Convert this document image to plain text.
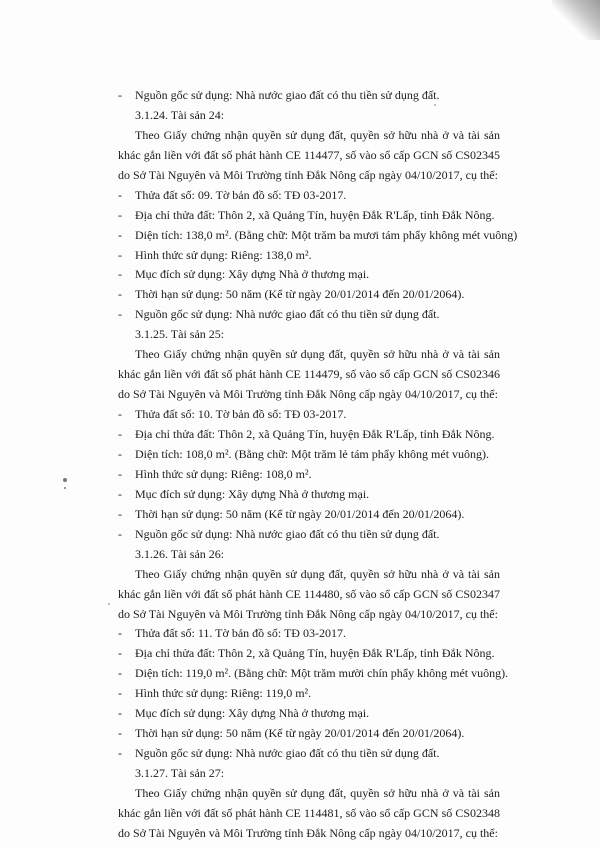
- Nguồn gốc sử dụng: Nhà nước giao đất có thu tiền sử dụng đất.
3.1.24. Tài sản 24:
Theo Giấy chứng nhận quyền sử dụng đất, quyền sở hữu nhà ở và tài sản khác gắn liền với đất số phát hành CE 114477, số vào sổ cấp GCN số CS02345 do Sở Tài Nguyên và Môi Trường tỉnh Đắk Nông cấp ngày 04/10/2017, cụ thể:
- Thửa đất số: 09. Tờ bản đồ số: TĐ 03-2017.
- Địa chỉ thửa đất: Thôn 2, xã Quảng Tín, huyện Đắk R'Lấp, tỉnh Đắk Nông.
- Diện tích: 138,0 m². (Bằng chữ: Một trăm ba mươi tám phẩy không mét vuông)
- Hình thức sử dụng: Riêng: 138,0 m².
- Mục đích sử dụng: Xây dựng Nhà ở thương mại.
- Thời hạn sử dụng: 50 năm (Kể từ ngày 20/01/2014 đến 20/01/2064).
- Nguồn gốc sử dụng: Nhà nước giao đất có thu tiền sử dụng đất.
3.1.25. Tài sản 25:
Theo Giấy chứng nhận quyền sử dụng đất, quyền sở hữu nhà ở và tài sản khác gắn liền với đất số phát hành CE 114479, số vào sổ cấp GCN số CS02346 do Sở Tài Nguyên và Môi Trường tỉnh Đắk Nông cấp ngày 04/10/2017, cụ thể:
- Thửa đất số: 10. Tờ bản đồ số: TĐ 03-2017.
- Địa chỉ thửa đất: Thôn 2, xã Quảng Tín, huyện Đắk R'Lấp, tỉnh Đắk Nông.
- Diện tích: 108,0 m². (Bằng chữ: Một trăm lẻ tám phẩy không mét vuông).
- Hình thức sử dụng: Riêng: 108,0 m².
- Mục đích sử dụng: Xây dựng Nhà ở thương mại.
- Thời hạn sử dụng: 50 năm (Kể từ ngày 20/01/2014 đến 20/01/2064).
- Nguồn gốc sử dụng: Nhà nước giao đất có thu tiền sử dụng đất.
3.1.26. Tài sản 26:
Theo Giấy chứng nhận quyền sử dụng đất, quyền sở hữu nhà ở và tài sản khác gắn liền với đất số phát hành CE 114480, số vào sổ cấp GCN số CS02347 do Sở Tài Nguyên và Môi Trường tỉnh Đắk Nông cấp ngày 04/10/2017, cụ thể:
- Thửa đất số: 11. Tờ bản đồ số: TĐ 03-2017.
- Địa chỉ thửa đất: Thôn 2, xã Quảng Tín, huyện Đắk R'Lấp, tỉnh Đắk Nông.
- Diện tích: 119,0 m². (Bằng chữ: Một trăm mười chín phẩy không mét vuông).
- Hình thức sử dụng: Riêng: 119,0 m².
- Mục đích sử dụng: Xây dựng Nhà ở thương mại.
- Thời hạn sử dụng: 50 năm (Kể từ ngày 20/01/2014 đến 20/01/2064).
- Nguồn gốc sử dụng: Nhà nước giao đất có thu tiền sử dụng đất.
3.1.27. Tài sản 27:
Theo Giấy chứng nhận quyền sử dụng đất, quyền sở hữu nhà ở và tài sản khác gắn liền với đất số phát hành CE 114481, số vào sổ cấp GCN số CS02348 do Sở Tài Nguyên và Môi Trường tỉnh Đắk Nông cấp ngày 04/10/2017, cụ thể:
